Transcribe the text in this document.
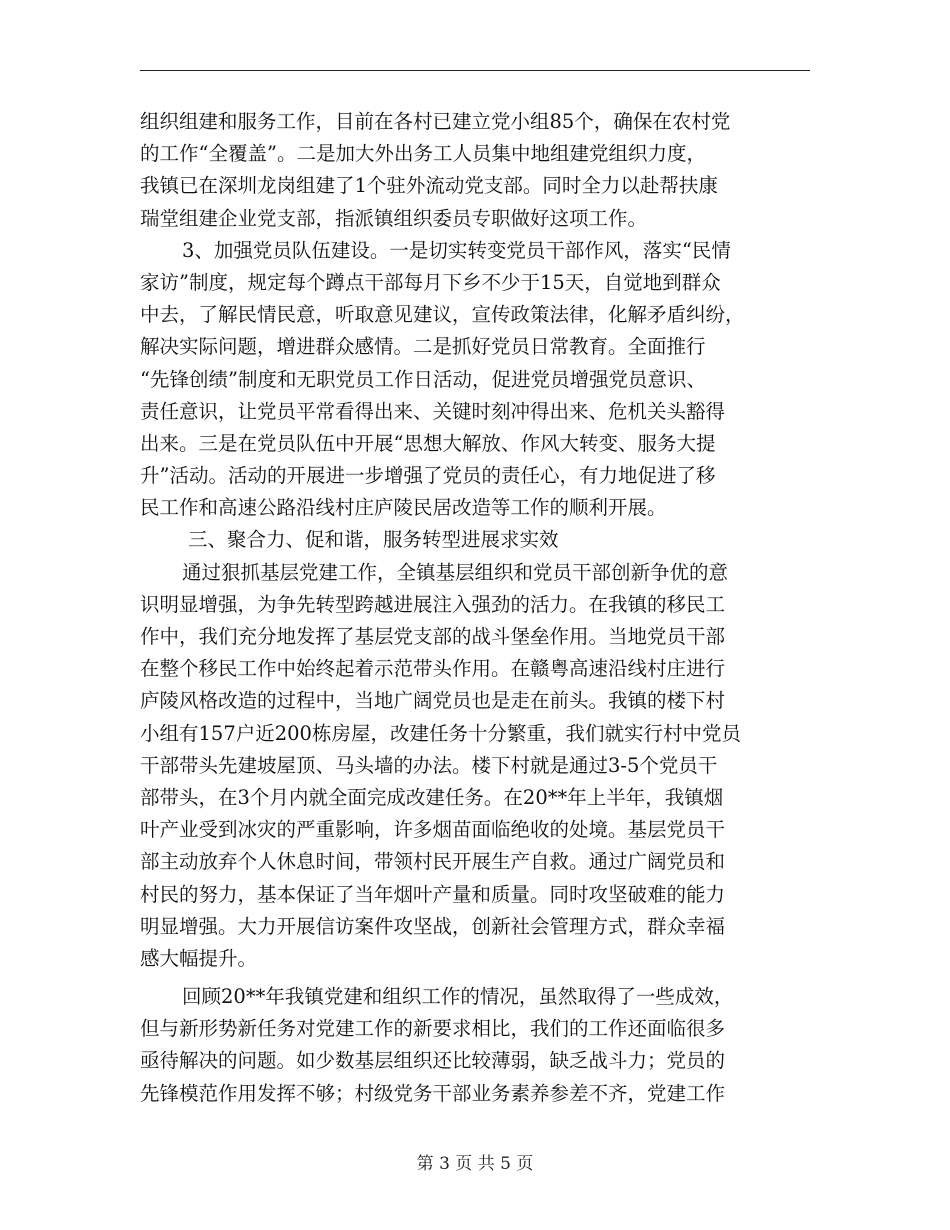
组织组建和服务工作，目前在各村已建立党小组85个，确保在农村党
的工作“全覆盖”。二是加大外出务工人员集中地组建党组织力度，
我镇已在深圳龙岗组建了1个驻外流动党支部。同时全力以赴帮扶康
瑞堂组建企业党支部，指派镇组织委员专职做好这项工作。
3、加强党员队伍建设。一是切实转变党员干部作风，落实“民情
家访”制度，规定每个蹲点干部每月下乡不少于15天，自觉地到群众
中去，了解民情民意，听取意见建议，宣传政策法律，化解矛盾纠纷，
解决实际问题，增进群众感情。二是抓好党员日常教育。全面推行
“先锋创绩”制度和无职党员工作日活动，促进党员增强党员意识、
责任意识，让党员平常看得出来、关键时刻冲得出来、危机关头豁得
出来。三是在党员队伍中开展“思想大解放、作风大转变、服务大提
升”活动。活动的开展进一步增强了党员的责任心，有力地促进了移
民工作和高速公路沿线村庄庐陵民居改造等工作的顺利开展。
三、聚合力、促和谐，服务转型进展求实效
通过狠抓基层党建工作，全镇基层组织和党员干部创新争优的意
识明显增强，为争先转型跨越进展注入强劲的活力。在我镇的移民工
作中，我们充分地发挥了基层党支部的战斗堡垒作用。当地党员干部
在整个移民工作中始终起着示范带头作用。在赣粤高速沿线村庄进行
庐陵风格改造的过程中，当地广阔党员也是走在前头。我镇的楼下村
小组有157户近200栋房屋，改建任务十分繁重，我们就实行村中党员
干部带头先建坡屋顶、马头墙的办法。楼下村就是通过3-5个党员干
部带头，在3个月内就全面完成改建任务。在20**年上半年，我镇烟
叶产业受到冰灾的严重影响，许多烟苗面临绝收的处境。基层党员干
部主动放弃个人休息时间，带领村民开展生产自救。通过广阔党员和
村民的努力，基本保证了当年烟叶产量和质量。同时攻坚破难的能力
明显增强。大力开展信访案件攻坚战，创新社会管理方式，群众幸福
感大幅提升。
回顾20**年我镇党建和组织工作的情况，虽然取得了一些成效，
但与新形势新任务对党建工作的新要求相比，我们的工作还面临很多
亟待解决的问题。如少数基层组织还比较薄弱，缺乏战斗力；党员的
先锋模范作用发挥不够；村级党务干部业务素养参差不齐，党建工作
第 3 页 共 5 页
